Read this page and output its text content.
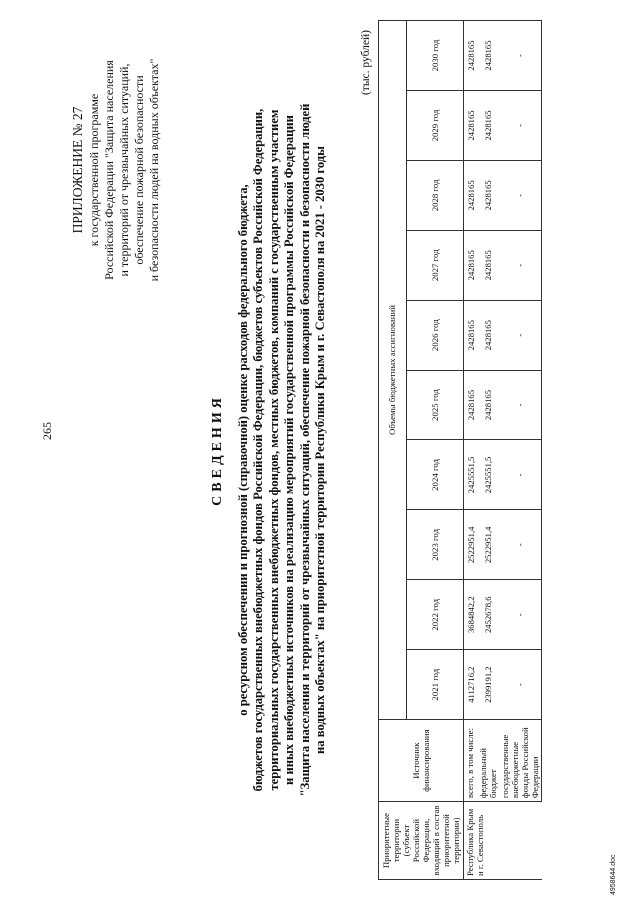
265
4958644.doc
ПРИЛОЖЕНИЕ № 27 к государственной программе Российской Федерации "Защита населения и территорий от чрезвычайных ситуаций, обеспечение пожарной безопасности и безопасности людей на водных объектах"
СВЕДЕНИЯ о ресурсном обеспечении и прогнозной (справочной) оценке расходов федерального бюджета, бюджетов государственных внебюджетных фондов Российской Федерации, бюджетов субъектов Российской Федерации, территориальных государственных внебюджетных фондов, местных бюджетов, компаний с государственным участием и иных внебюджетных источников на реализацию мероприятий государственной программы Российской Федерации "Защита населения и территорий от чрезвычайных ситуаций, обеспечение пожарной безопасности и безопасности людей на водных объектах" на приоритетной территории Республики Крым и г. Севастополя на 2021 - 2030 годы
(тыс. рублей)
Приоритетные территории (субъект Российской Федерации, входящий в состав приоритетной территории)	Источник финансирования	Объемы бюджетных ассигнований									
		2021 год	2022 год	2023 год	2024 год	2025 год	2026 год	2027 год	2028 год	2029 год	2030 год
Республика Крым и г. Севастополь	всего, в том числе:	4112716,2	3684842,2	2522951,4	2425551,5	2428165	2428165	2428165	2428165	2428165	2428165
	федеральный бюджет	2399191,2	2452678,6	2522951,4	2425551,5	2428165	2428165	2428165	2428165	2428165	2428165
	государственные внебюджетные фонды Российской Федерации	-	-	-	-	-	-	-	-	-	-
